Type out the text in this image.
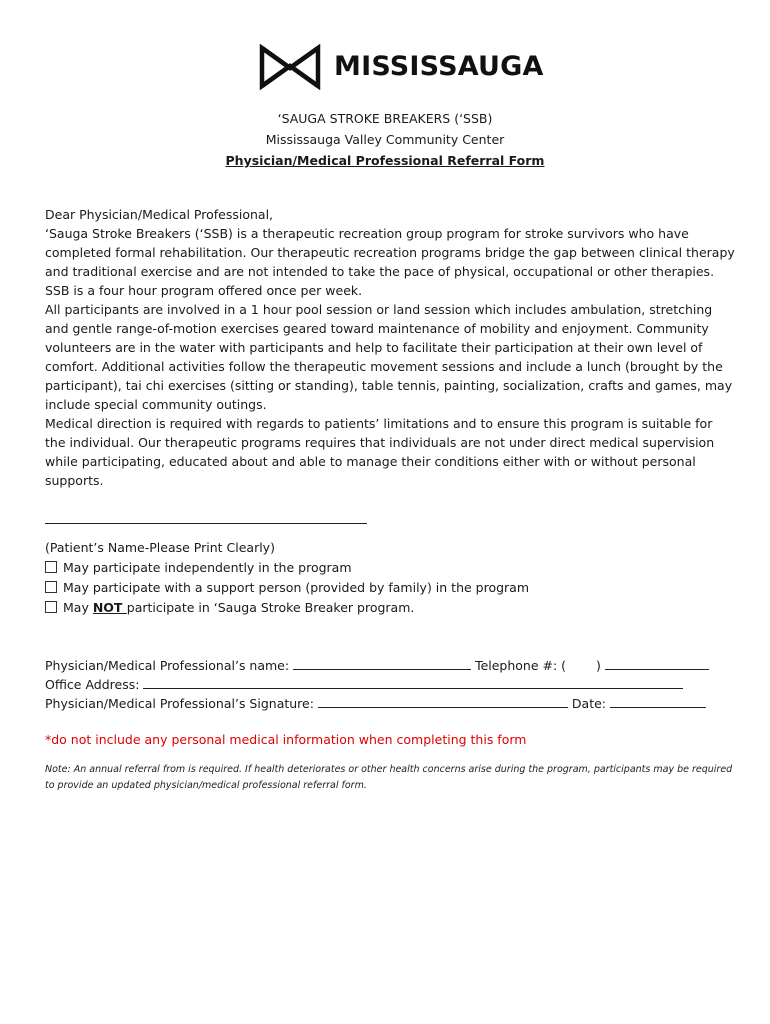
MISSISSAUGA
‘SAUGA STROKE BREAKERS (‘SSB)
Mississauga Valley Community Center
Physician/Medical Professional Referral Form

Dear Physician/Medical Professional,

‘Sauga Stroke Breakers (‘SSB) is a therapeutic recreation group program for stroke survivors who have completed formal rehabilitation. Our therapeutic recreation programs bridge the gap between clinical therapy and traditional exercise and are not intended to take the pace of physical, occupational or other therapies. SSB is a four hour program offered once per week.

All participants are involved in a 1 hour pool session or land session which includes ambulation, stretching and gentle range-of-motion exercises geared toward maintenance of mobility and enjoyment. Community volunteers are in the water with participants and help to facilitate their participation at their own level of comfort. Additional activities follow the therapeutic movement sessions and include a lunch (brought by the participant), tai chi exercises (sitting or standing), table tennis, painting, socialization, crafts and games, may include special community outings.

Medical direction is required with regards to patients’ limitations and to ensure this program is suitable for the individual. Our therapeutic programs requires that individuals are not under direct medical supervision while participating, educated about and able to manage their conditions either with or without personal supports.

(Patient’s Name-Please Print Clearly)
May participate independently in the program
May participate with a support person (provided by family) in the program
May NOT participate in ‘Sauga Stroke Breaker program.
Physician/Medical Professional’s name:	Telephone #: ( )
Office Address:
Physician/Medical Professional’s Signature:	Date:
*do not include any personal medical information when completing this form
Note: An annual referral from is required. If health deteriorates or other health concerns arise during the program, participants may be required to provide an updated physician/medical professional referral form.
